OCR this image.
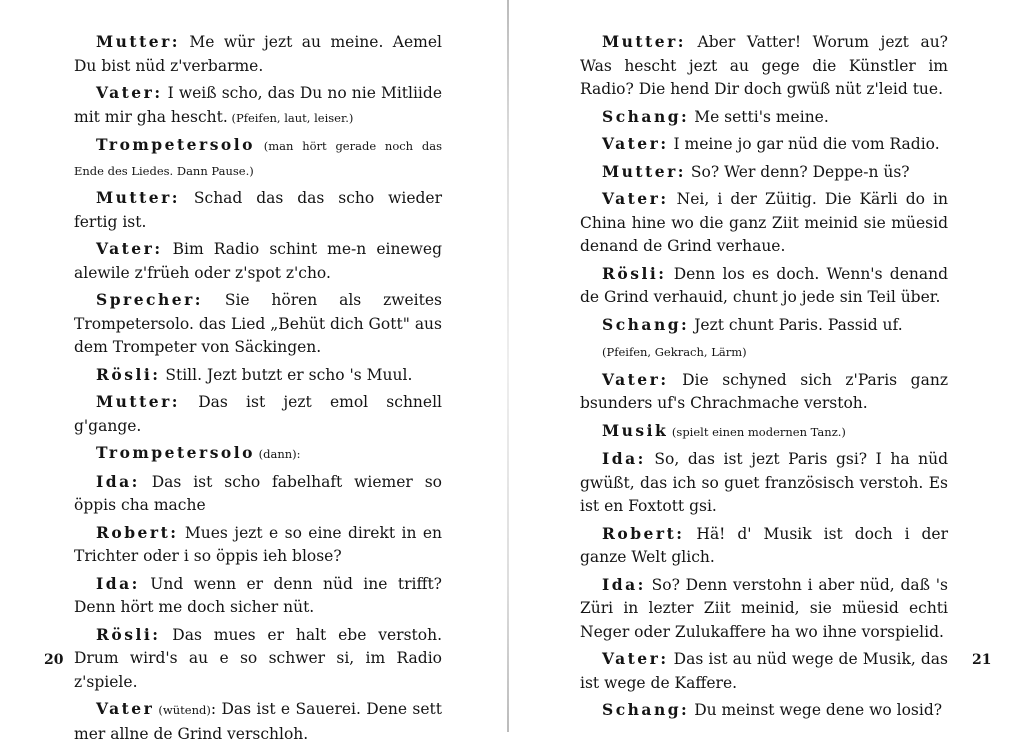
Mutter: Me wür jezt au meine. Aemel Du bist nüd z'verbarme.

Vater: I weiß scho, das Du no nie Mitliide mit mir gha hescht. (Pfeifen, laut, leiser.)

Trompetersolo (man hört gerade noch das Ende des Liedes. Dann Pause.)

Mutter: Schad das das scho wieder fertig ist.

Vater: Bim Radio schint me-n eineweg alewile z'früeh oder z'spot z'cho.

Sprecher: Sie hören als zweites Trompetersolo. das Lied „Behüt dich Gott" aus dem Trompeter von Säckingen.

Rösli: Still. Jezt butzt er scho 's Muul.

Mutter: Das ist jezt emol schnell g'gange.

Trompetersolo (dann):

Ida: Das ist scho fabelhaft wiemer so öppis cha mache

Robert: Mues jezt e so eine direkt in en Trichter oder i so öppis ieh blose?

Ida: Und wenn er denn nüd ine trifft? Denn hört me doch sicher nüt.

Rösli: Das mues er halt ebe verstoh. Drum wird's au e so schwer si, im Radio z'spiele.

Vater (wütend): Das ist e Sauerei. Dene sett mer allne de Grind verschloh.

Mutter: Aber Vatter! Worum jezt au? Was hescht jezt au gege die Künstler im Radio? Die hend Dir doch gwüß nüt z'leid tue.

Schang: Me setti's meine.

Vater: I meine jo gar nüd die vom Radio.

Mutter: So? Wer denn? Deppe-n üs?

Vater: Nei, i der Züitig. Die Kärli do in China hine wo die ganz Ziit meinid sie müesid denand de Grind verhaue.

Rösli: Denn los es doch. Wenn's denand de Grind verhauid, chunt jo jede sin Teil über.

Schang: Jezt chunt Paris. Passid uf.

(Pfeifen, Gekrach, Lärm)

Vater: Die schyned sich z'Paris ganz bsunders uf's Chrachmache verstoh.

Musik (spielt einen modernen Tanz.)

Ida: So, das ist jezt Paris gsi? I ha nüd gwüßt, das ich so guet französisch verstoh. Es ist en Foxtott gsi.

Robert: Hä! d' Musik ist doch i der ganze Welt glich.

Ida: So? Denn verstohn i aber nüd, daß 's Züri in lezter Ziit meinid, sie müesid echti Neger oder Zulukaffere ha wo ihne vorspielid.

Vater: Das ist au nüd wege de Musik, das ist wege de Kaffere.

Schang: Du meinst wege dene wo losid?

20	21
